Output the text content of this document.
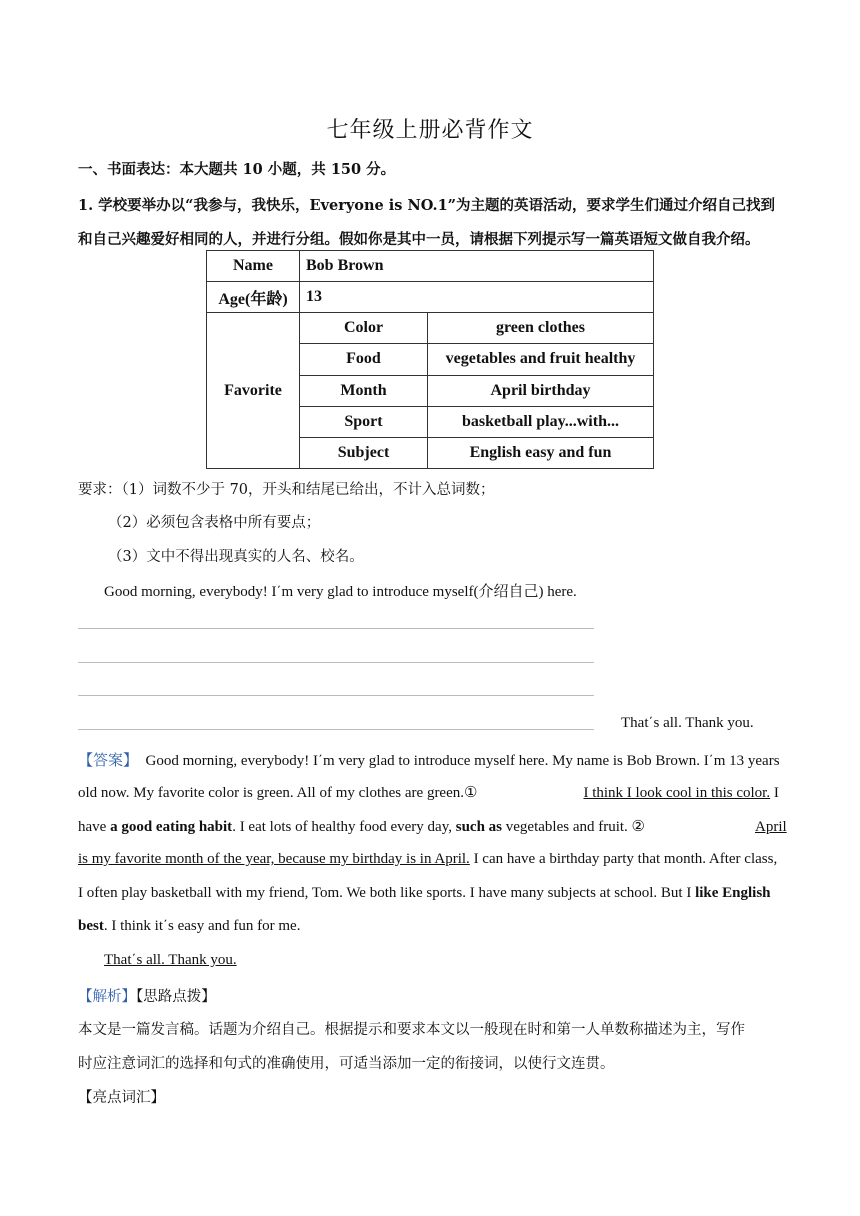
七年级上册必背作文
一、书面表达：本大题共 10 小题，共 150 分。
1. 学校要举办以“我参与，我快乐，Everyone is NO.1”为主题的英语活动，要求学生们通过介绍自己找到
和自己兴趣爱好相同的人，并进行分组。假如你是其中一员，请根据下列提示写一篇英语短文做自我介绍。
Name	Bob Brown	
Age(年龄)	13	
Favorite	Color	green clothes
	Food	vegetables and fruit healthy
	Month	April birthday
	Sport	basketball play...with...
	Subject	English easy and fun
要求：（1）词数不少于 70，开头和结尾已给出，不计入总词数；
（2）必须包含表格中所有要点；
（3）文中不得出现真实的人名、校名。
Good morning, everybody! I΄m very glad to introduce myself(介绍自己) here.
That΄s all. Thank you.
【答案】 Good morning, everybody! I΄m very glad to introduce myself here. My name is Bob Brown. I΄m 13 years
old now. My favorite color is green. All of my clothes are green.①	I think I look cool in this color. I
have a good eating habit. I eat lots of healthy food every day, such as vegetables and fruit. ②	April
is my favorite month of the year, because my birthday is in April. I can have a birthday party that month. After class,
I often play basketball with my friend, Tom. We both like sports. I have many subjects at school. But I like English
best. I think it΄s easy and fun for me.
That΄s all. Thank you.
【解析】【思路点拨】
本文是一篇发言稿。话题为介绍自己。根据提示和要求本文以一般现在时和第一人单数称描述为主，写作
时应注意词汇的选择和句式的准确使用，可适当添加一定的衔接词，以使行文连贯。
【亮点词汇】
